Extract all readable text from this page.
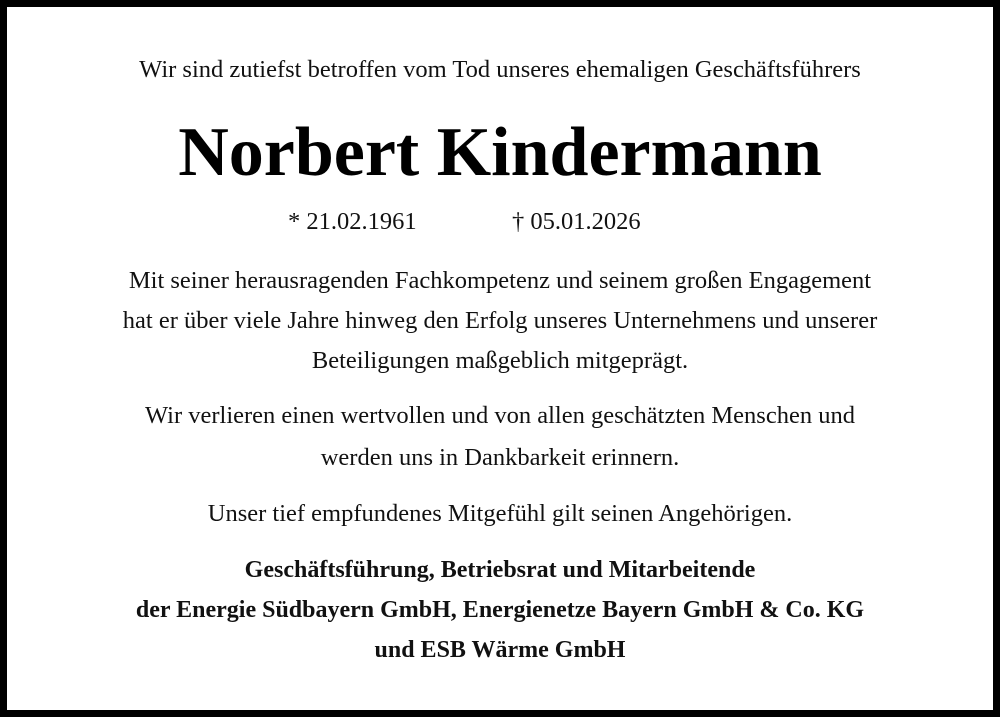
Wir sind zutiefst betroffen vom Tod unseres ehemaligen Geschäftsführers
Norbert Kindermann
* 21.02.1961	† 05.01.2026
Mit seiner herausragenden Fachkompetenz und seinem großen Engagement
hat er über viele Jahre hinweg den Erfolg unseres Unternehmens und unserer
Beteiligungen maßgeblich mitgeprägt.
Wir verlieren einen wertvollen und von allen geschätzten Menschen und
werden uns in Dankbarkeit erinnern.
Unser tief empfundenes Mitgefühl gilt seinen Angehörigen.
Geschäftsführung, Betriebsrat und Mitarbeitende
der Energie Südbayern GmbH, Energienetze Bayern GmbH & Co. KG
und ESB Wärme GmbH
